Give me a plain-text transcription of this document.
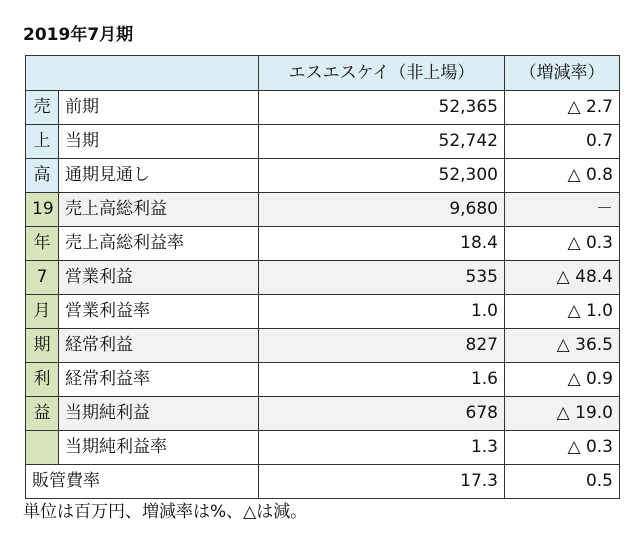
2019年7月期
		エスエスケイ（非上場）	（増減率）
売	前期	52,365	△ 2.7
上	当期	52,742	0.7
高	通期見通し	52,300	△ 0.8
19	売上高総利益	9,680	－
年	売上高総利益率	18.4	△ 0.3
7	営業利益	535	△ 48.4
月	営業利益率	1.0	△ 1.0
期	経常利益	827	△ 36.5
利	経常利益率	1.6	△ 0.9
益	当期純利益	678	△ 19.0
	当期純利益率	1.3	△ 0.3
販管費率		17.3	0.5
単位は百万円、増減率は%、△は減。
